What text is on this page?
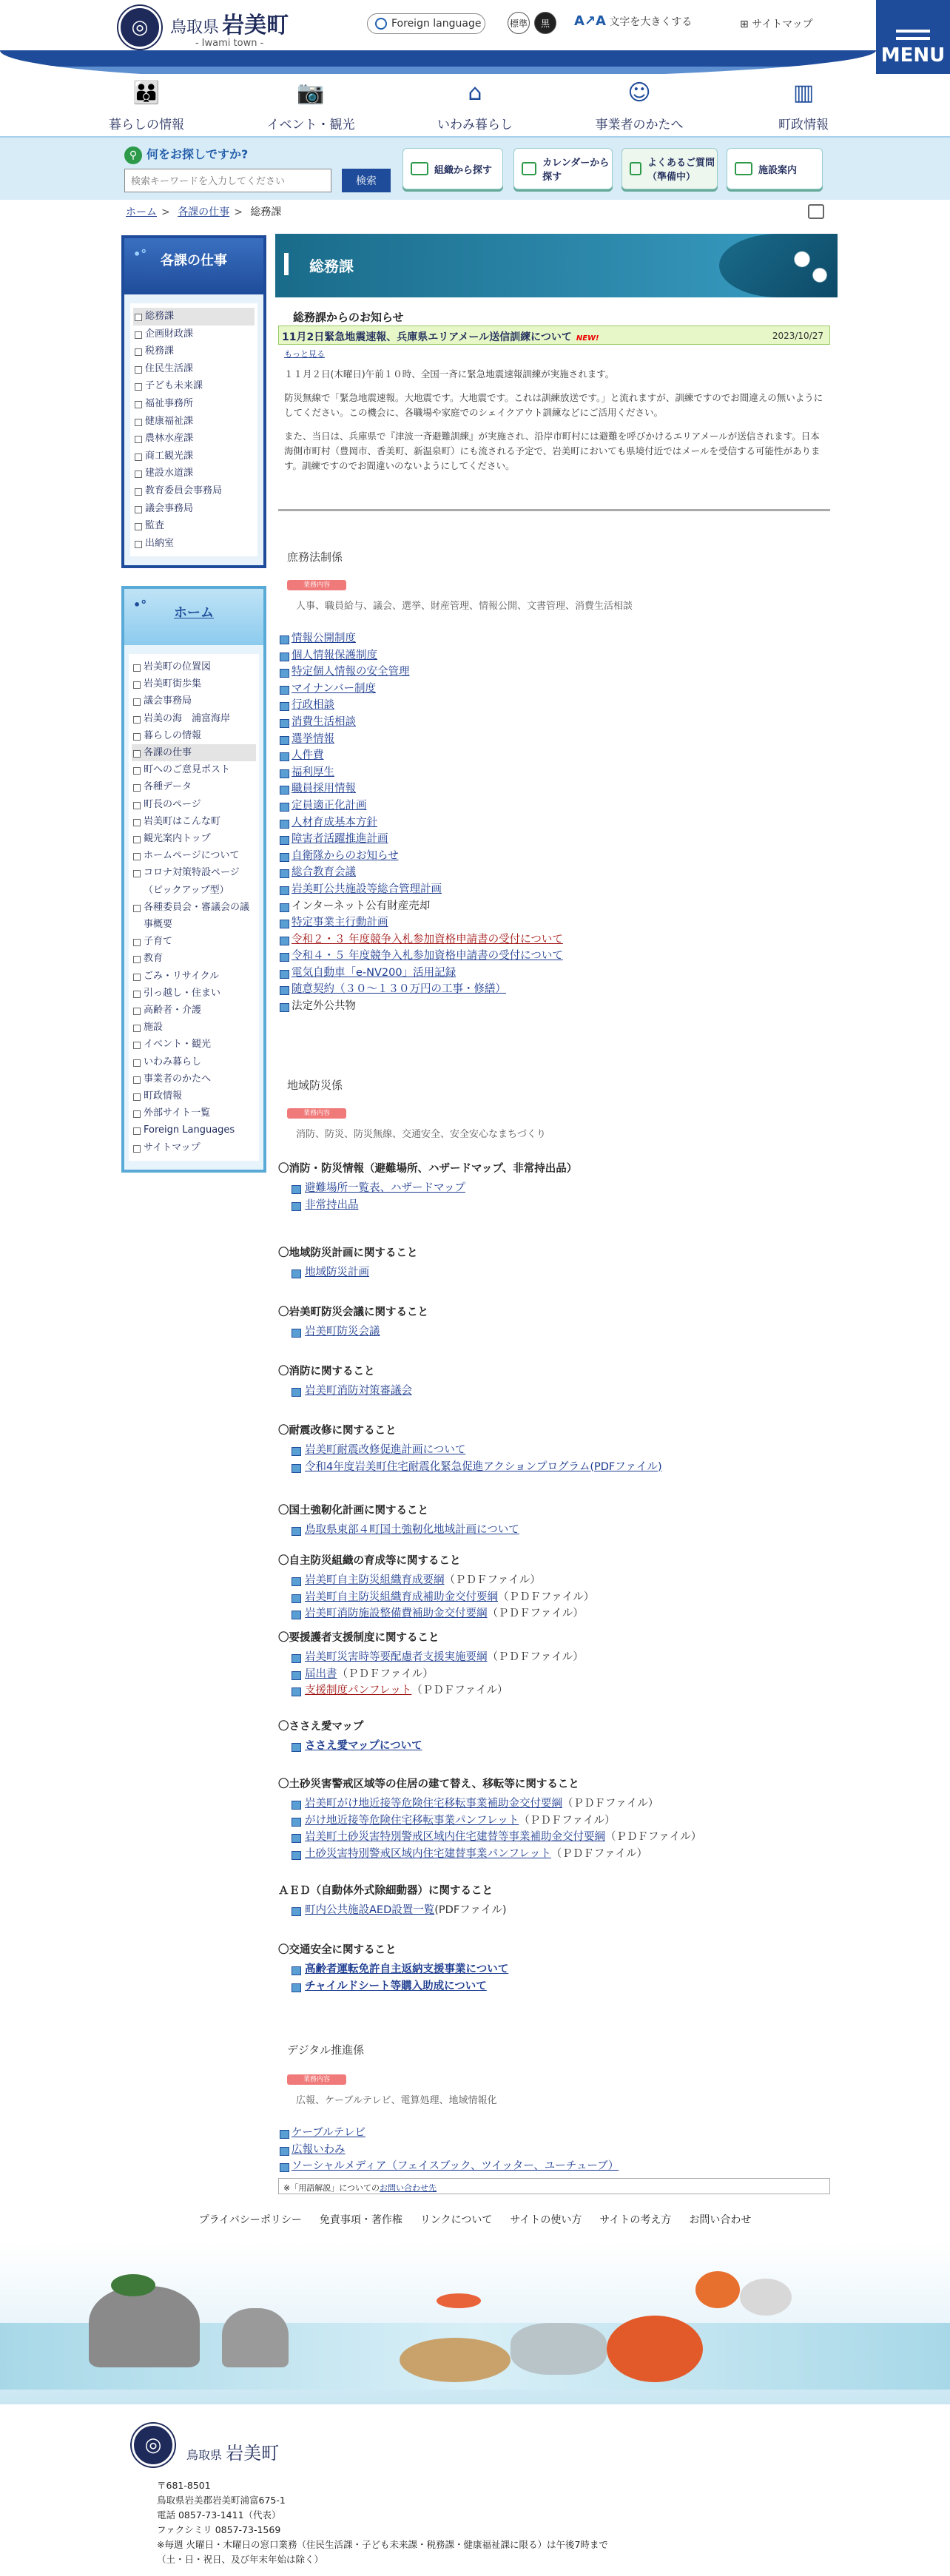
◎	鳥取県 岩美町
- Iwami town -
Foreign language	標準	黒	A↗A 文字を大きくする	⊞ サイトマップ
MENU
👪
暮らしの情報
📷
イベント・観光
⌂
いわみ暮らし
☺
事業者のかたへ
▥
町政情報
⚲ 何をお探しですか?
検索キーワードを入力してください
検索
組織から探す
カレンダーから探す
よくあるご質問（準備中）
施設案内
ホーム > 各課の仕事 > 総務課
•° 各課の仕事
総務課
企画財政課
税務課
住民生活課
子ども未来課
福祉事務所
健康福祉課
農林水産課
商工観光課
建設水道課
教育委員会事務局
議会事務局
監査
出納室
•°
ホーム
岩美町の位置図
岩美町街歩集
議会事務局
岩美の海　浦富海岸
暮らしの情報
各課の仕事
町へのご意見ポスト
各種データ
町長のページ
岩美町はこんな町
観光案内トップ
ホームページについて
コロナ対策特設ページ（ピックアップ型）
各種委員会・審議会の議事概要
子育て
教育
ごみ・リサイクル
引っ越し・住まい
高齢者・介護
施設
イベント・観光
いわみ暮らし
事業者のかたへ
町政情報
外部サイト一覧
Foreign Languages
サイトマップ
総務課
総務課からのお知らせ
11月2日緊急地震速報、兵庫県エリアメール送信訓練について NEW!	2023/10/27
もっと見る

１１月２日(木曜日)午前１０時、全国一斉に緊急地震速報訓練が実施されます。

防災無線で「緊急地震速報。大地震です。大地震です。これは訓練放送です。」と流れますが、訓練ですのでお間違えの無いようにしてください。この機会に、各職場や家庭でのシェイクアウト訓練などにご活用ください。

また、当日は、兵庫県で『津波一斉避難訓練』が実施され、沿岸市町村には避難を呼びかけるエリアメールが送信されます。日本海側市町村（豊岡市、香美町、新温泉町）にも流される予定で、岩美町においても県境付近ではメールを受信する可能性があります。訓練ですのでお間違いのないようにしてください。

庶務法制係
業務内容
人事、職員給与、議会、選挙、財産管理、情報公開、文書管理、消費生活相談
情報公開制度
個人情報保護制度
特定個人情報の安全管理
マイナンバー制度
行政相談
消費生活相談
選挙情報
人件費
福利厚生
職員採用情報
定員適正化計画
人材育成基本方針
障害者活躍推進計画
自衛隊からのお知らせ
総合教育会議
岩美町公共施設等総合管理計画
インターネット公有財産売却
特定事業主行動計画
令和２・３ 年度競争入札参加資格申請書の受付について
令和４・５ 年度競争入札参加資格申請書の受付について
電気自動車「e-NV200」活用記録
随意契約（３０～１３０万円の工事・修繕）
法定外公共物
地域防災係
業務内容
消防、防災、防災無線、交通安全、安全安心なまちづくり
〇消防・防災情報（避難場所、ハザードマップ、非常持出品）
避難場所一覧表、ハザードマップ
非常持出品
〇地域防災計画に関すること
地域防災計画
〇岩美町防災会議に関すること
岩美町防災会議
〇消防に関すること
岩美町消防対策審議会
〇耐震改修に関すること
岩美町耐震改修促進計画について
令和4年度岩美町住宅耐震化緊急促進アクションプログラム(PDFファイル)
〇国土強靭化計画に関すること
鳥取県東部４町国土強靭化地域計画について
〇自主防災組織の育成等に関すること
岩美町自主防災組織育成要綱（ＰＤＦファイル）
岩美町自主防災組織育成補助金交付要綱（ＰＤＦファイル）
岩美町消防施設整備費補助金交付要綱（ＰＤＦファイル）
〇要援護者支援制度に関すること
岩美町災害時等要配慮者支援実施要綱（ＰＤＦファイル）
届出書（ＰＤＦファイル）
支援制度パンフレット（ＰＤＦファイル）
〇ささえ愛マップ
ささえ愛マップについて
〇土砂災害警戒区域等の住居の建て替え、移転等に関すること
岩美町がけ地近接等危険住宅移転事業補助金交付要綱（ＰＤＦファイル）
がけ地近接等危険住宅移転事業パンフレット（ＰＤＦファイル）
岩美町土砂災害特別警戒区域内住宅建替等事業補助金交付要綱（ＰＤＦファイル）
土砂災害特別警戒区域内住宅建替事業パンフレット（ＰＤＦファイル）
ＡＥＤ（自動体外式除細動器）に関すること
町内公共施設AED設置一覧(PDFファイル)
〇交通安全に関すること
高齢者運転免許自主返納支援事業について
チャイルドシート等購入助成について
デジタル推進係
業務内容
広報、ケーブルテレビ、電算処理、地域情報化
ケーブルテレビ
広報いわみ
ソーシャルメディア（フェイスブック、ツイッター、ユーチューブ）
※「用語解説」についてのお問い合わせ先
プライバシーポリシー 免責事項・著作権 リンクについて サイトの使い方 サイトの考え方 お問い合わせ
◎	鳥取県 岩美町
〒681-8501
鳥取県岩美郡岩美町浦富675-1
電話 0857-73-1411（代表）
ファクシミリ 0857-73-1569
※毎週 火曜日・木曜日の窓口業務（住民生活課・子ども未来課・税務課・健康福祉課に限る）は午後7時まで
（土・日・祝日、及び年末年始は除く）
